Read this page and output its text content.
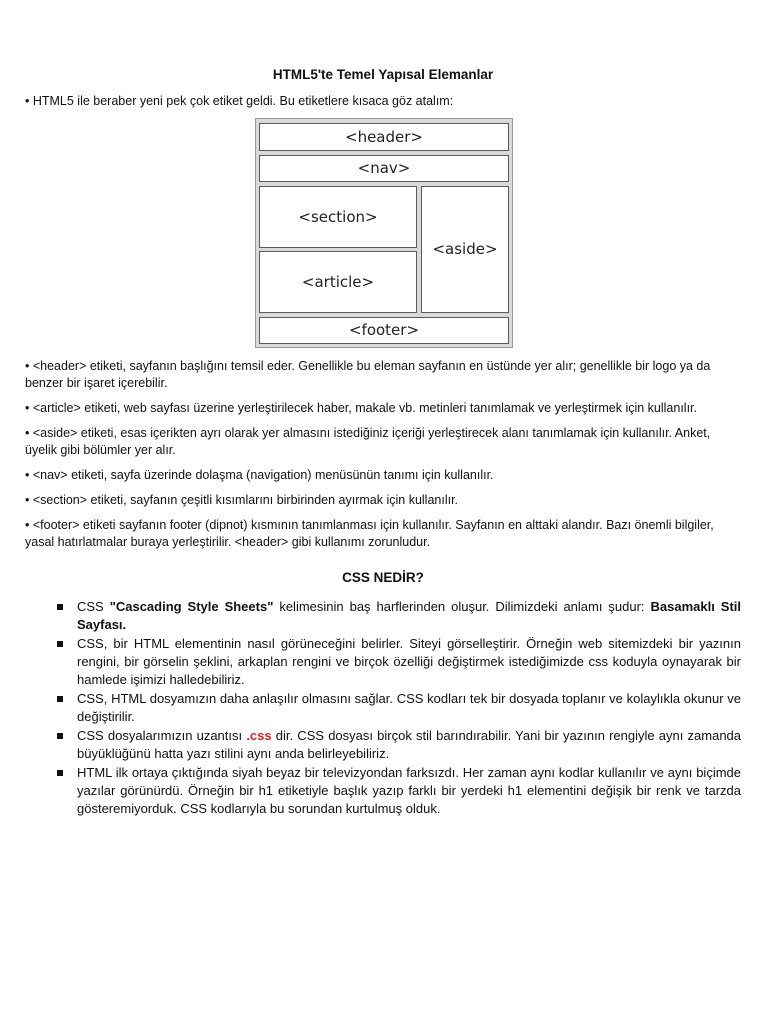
HTML5'te Temel Yapısal Elemanlar
• HTML5 ile beraber yeni pek çok etiket geldi. Bu etiketlere kısaca göz atalım:
<header>
<nav>
<section>
<article>
<aside>
<footer>
• <header> etiketi, sayfanın başlığını temsil eder. Genellikle bu eleman sayfanın en üstünde yer alır; genellikle bir logo ya da benzer bir işaret içerebilir.
• <article> etiketi, web sayfası üzerine yerleştirilecek haber, makale vb. metinleri tanımlamak ve yerleştirmek için kullanılır.
• <aside> etiketi, esas içerikten ayrı olarak yer almasını istediğiniz içeriği yerleştirecek alanı tanımlamak için kullanılır. Anket, üyelik gibi bölümler yer alır.
• <nav> etiketi, sayfa üzerinde dolaşma (navigation) menüsünün tanımı için kullanılır.
• <section> etiketi, sayfanın çeşitli kısımlarını birbirinden ayırmak için kullanılır.
• <footer> etiketi sayfanın footer (dipnot) kısmının tanımlanması için kullanılır. Sayfanın en alttaki alandır. Bazı önemli bilgiler, yasal hatırlatmalar buraya yerleştirilir. <header> gibi kullanımı zorunludur.
CSS NEDİR?
CSS "Cascading Style Sheets" kelimesinin baş harflerinden oluşur. Dilimizdeki anlamı şudur: Basamaklı Stil Sayfası.
CSS, bir HTML elementinin nasıl görüneceğini belirler. Siteyi görselleştirir. Örneğin web sitemizdeki bir yazının rengini, bir görselin şeklini, arkaplan rengini ve birçok özelliği değiştirmek istediğimizde css koduyla oynayarak bir hamlede işimizi halledebiliriz.
CSS, HTML dosyamızın daha anlaşılır olmasını sağlar. CSS kodları tek bir dosyada toplanır ve kolaylıkla okunur ve değiştirilir.
CSS dosyalarımızın uzantısı .css dir. CSS dosyası birçok stil barındırabilir. Yani bir yazının rengiyle aynı zamanda büyüklüğünü hatta yazı stilini aynı anda belirleyebiliriz.
HTML ilk ortaya çıktığında siyah beyaz bir televizyondan farksızdı. Her zaman aynı kodlar kullanılır ve aynı biçimde yazılar görünürdü. Örneğin bir h1 etiketiyle başlık yazıp farklı bir yerdeki h1 elementini değişik bir renk ve tarzda gösteremiyorduk. CSS kodlarıyla bu sorundan kurtulmuş olduk.
